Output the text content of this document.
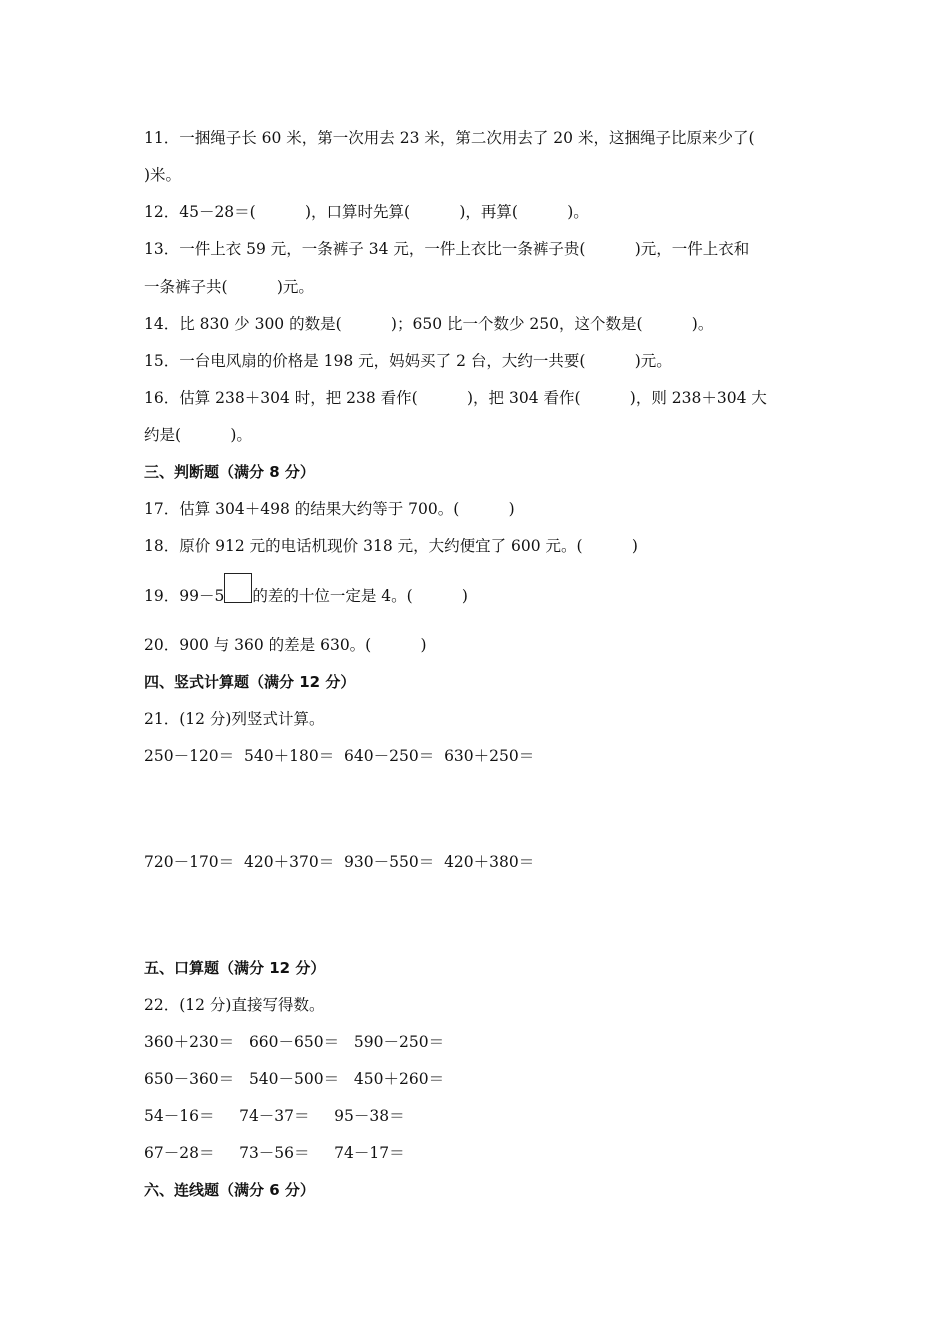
11．一捆绳子长 60 米，第一次用去 23 米，第二次用去了 20 米，这捆绳子比原来少了(
)米。
12．45－28＝(          )，口算时先算(          )，再算(          )。
13．一件上衣 59 元，一条裤子 34 元，一件上衣比一条裤子贵(          )元，一件上衣和
一条裤子共(          )元。
14．比 830 少 300 的数是(          )；650 比一个数少 250，这个数是(          )。
15．一台电风扇的价格是 198 元，妈妈买了 2 台，大约一共要(          )元。
16．估算 238＋304 时，把 238 看作(          )，把 304 看作(          )，则 238＋304 大
约是(          )。
三、判断题（满分 8 分）
17．估算 304＋498 的结果大约等于 700。(          )
18．原价 912 元的电话机现价 318 元，大约便宜了 600 元。(          )
19．99－5 的差的十位一定是 4。(          )
20．900 与 360 的差是 630。(          )
四、竖式计算题（满分 12 分）
21．(12 分)列竖式计算。
250－120＝  540＋180＝  640－250＝  630＋250＝
720－170＝  420＋370＝  930－550＝  420＋380＝
五、口算题（满分 12 分）
22．(12 分)直接写得数。
360＋230＝   660－650＝   590－250＝
650－360＝   540－500＝   450＋260＝
54－16＝     74－37＝     95－38＝
67－28＝     73－56＝     74－17＝
六、连线题（满分 6 分）
